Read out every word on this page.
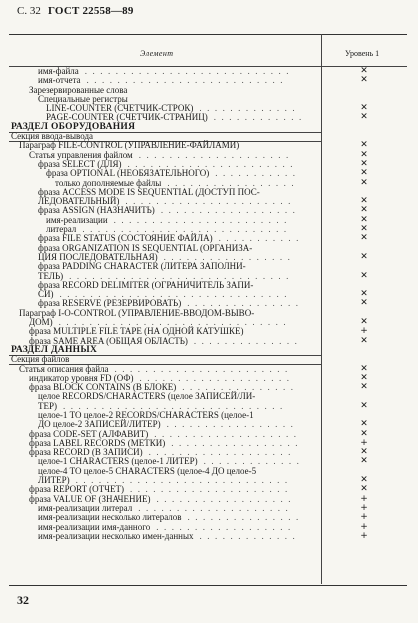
С. 32 ГОСТ 22558—89
Элемент	Уровень 1
имя-файла ...........................	✕
имя-отчета ..........................	✕
Зарезервированные слова
Специальные регистры
LINE-COUNTER (СЧЕТЧИК-СТРОК) .............	✕
PAGE-COUNTER (СЧЕТЧИК-СТРАНИЦ) ............	✕
РАЗДЕЛ ОБОРУДОВАНИЯ
Секция ввода-вывода
Параграф FILE-CONTROL (УПРАВЛЕНИЕ-ФАЙЛАМИ)	✕
Статья управления файлом ....................	✕
фраза SELECT (ДЛЯ) ......................	✕
фраза OPTIONAL (НЕОБЯЗАТЕЛЬНОГО) ...........	✕
только дополняемые файлы .................	✕
фраза ACCESS MODE IS SEQUENTIAL (ДОСТУП ПОС-
ЛЕДОВАТЕЛЬНЫЙ) ......................	✕
фраза ASSIGN (НАЗНАЧИТЬ) ..................	✕
имя-реализации .......................	✕
литерал ...........................	✕
фраза FILE STATUS (СОСТОЯНИЕ ФАЙЛА) ...........	✕
фраза ORGANIZATION IS SEQUENTIAL (ОРГАНИЗА-
ЦИЯ ПОСЛЕДОВАТЕЛЬНАЯ) .................	✕
фраза PADDING CHARACTER (ЛИТЕРА ЗАПОЛНИ-
ТЕЛЬ) .............................	✕
фраза RECORD DELIMITER (ОГРАНИЧИТЕЛЬ ЗАПИ-
СИ) ..............................	✕
фраза RESERVE (РЕЗЕРВИРОВАТЬ) ...............	✕
Параграф I-O-CONTROL (УПРАВЛЕНИЕ-ВВОДОМ-ВЫВО-
ДОМ) ..............................	✕
фраза MULTIPLE FILE TAPE (НА ОДНОЙ КАТУШКЕ)	+
фраза SAME AREA (ОБЩАЯ ОБЛАСТЬ) ..............	✕
РАЗДЕЛ ДАННЫХ
Секция файлов
Статья описания файла .......................	✕
индикатор уровня FD (ОФ) ....................	✕
фраза BLOCK CONTAINS (В БЛОКЕ) ...............	✕
целое RECORDS/CHARACTERS (целое ЗАПИСЕЙ/ЛИ-
ТЕР) .............................	✕
целое-1 TO целое-2 RECORDS/CHARACTERS (целое-1
ДО целое-2 ЗАПИСЕЙ/ЛИТЕР) .................	✕
фраза CODE-SET (АЛФАВИТ) ...................	✕
фраза LABEL RECORDS (МЕТКИ) .................	+
фраза RECORD (В ЗАПИСИ) ...................	✕
целое-1 CHARACTERS (целое-1 ЛИТЕР) .............	✕
целое-4 TO целое-5 CHARACTERS (целое-4 ДО целое-5
ЛИТЕР) ............................	✕
фраза REPORT (ОТЧЕТ) .....................	✕
фраза VALUE OF (ЗНАЧЕНИЕ) ..................	+
имя-реализации литерал ....................	+
имя-реализации несколько литералов ...............	+
имя-реализации имя-данного ..................	+
имя-реализации несколько имен-данных .............	+
32
